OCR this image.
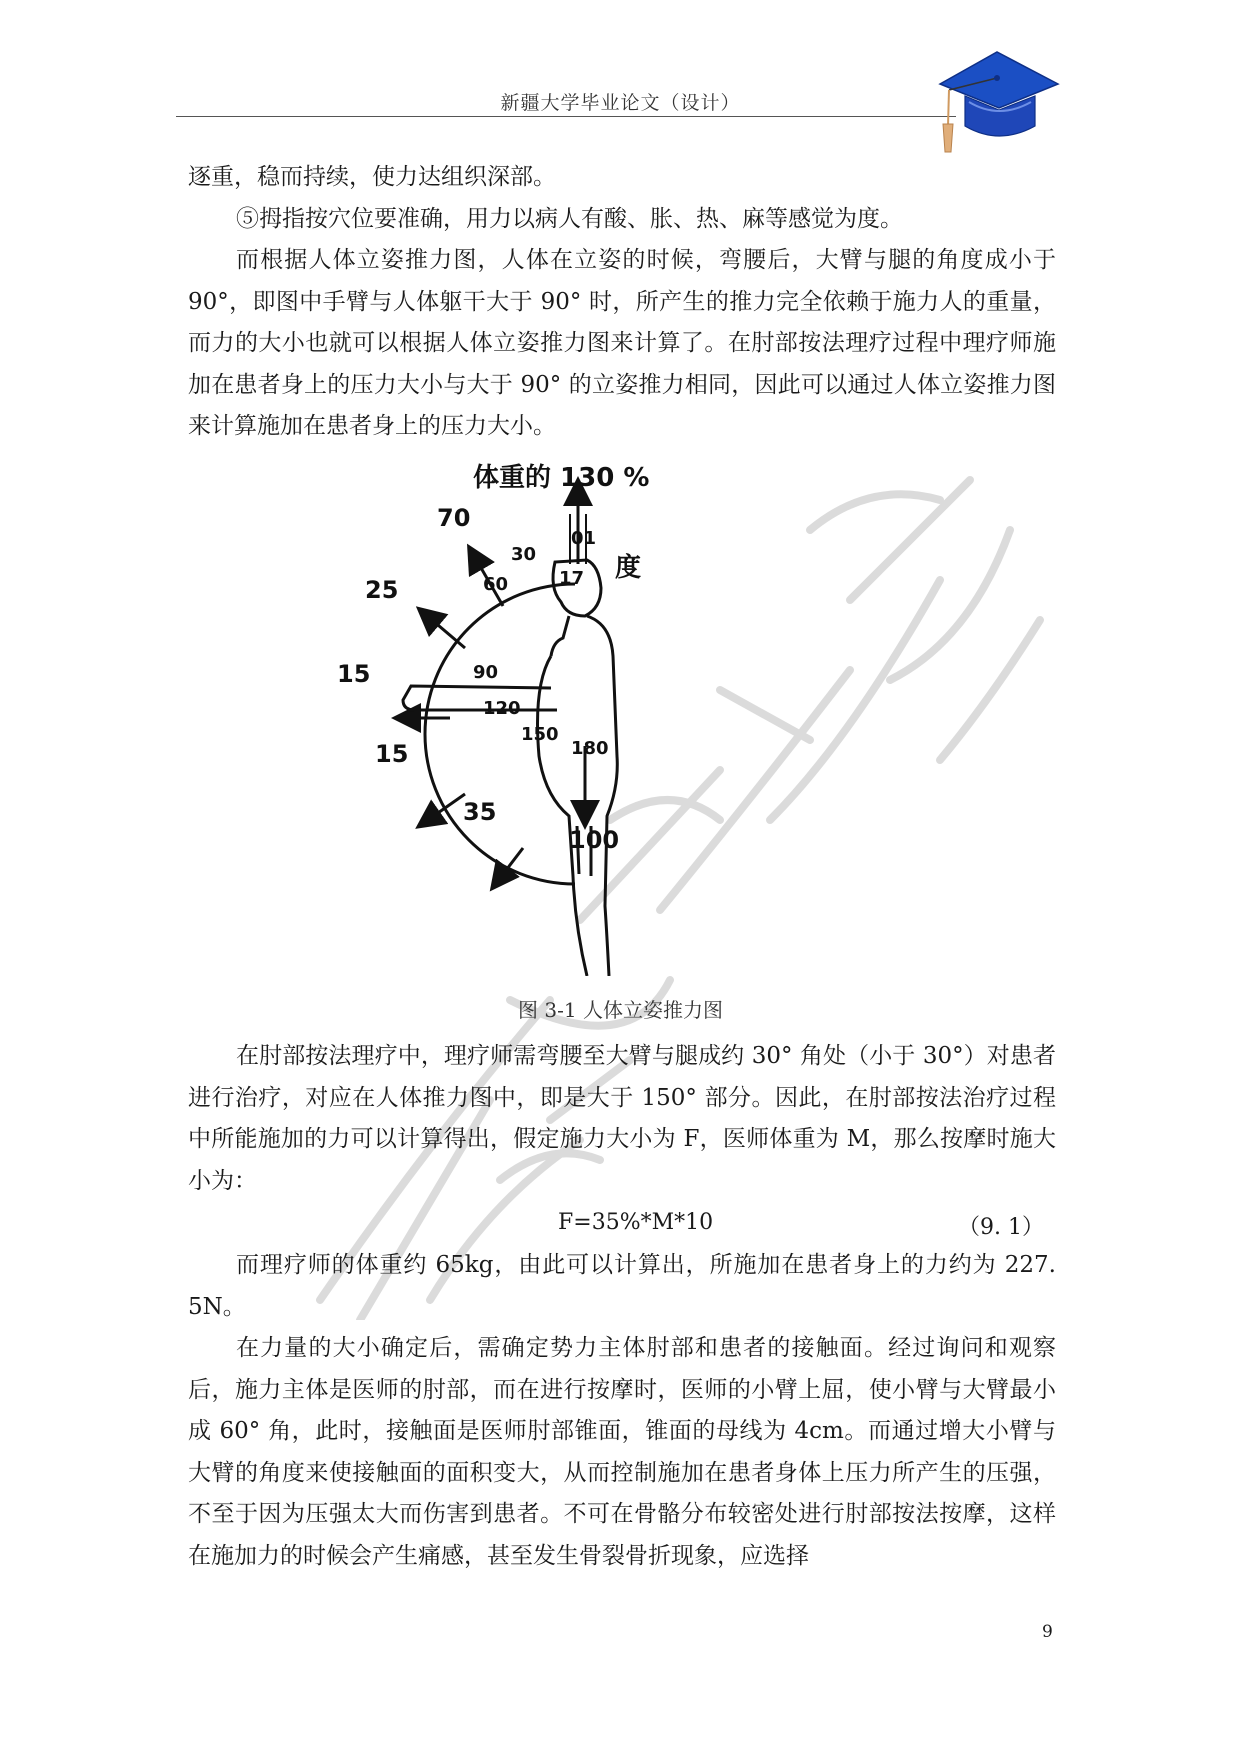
新疆大学毕业论文（设计）

逐重，稳而持续，使力达组织深部。

⑤拇指按穴位要准确，用力以病人有酸、胀、热、麻等感觉为度。

而根据人体立姿推力图，人体在立姿的时候，弯腰后，大臂与腿的角度成小于 90°，即图中手臂与人体躯干大于 90° 时，所产生的推力完全依赖于施力人的重量，而力的大小也就可以根据人体立姿推力图来计算了。在肘部按法理疗过程中理疗师施加在患者身上的压力大小与大于 90° 的立姿推力相同，因此可以通过人体立姿推力图来计算施加在患者身上的压力大小。

体重的 130 %
度
70
25
15
15
35
100
01
30
60
90
120
150
180
17
图 3-1 人体立姿推力图

在肘部按法理疗中，理疗师需弯腰至大臂与腿成约 30° 角处（小于 30°）对患者进行治疗，对应在人体推力图中，即是大于 150° 部分。因此，在肘部按法治疗过程中所能施加的力可以计算得出，假定施力大小为 F，医师体重为 M，那么按摩时施大小为：

F=35%*M*10	（9. 1）

而理疗师的体重约 65kg，由此可以计算出，所施加在患者身上的力约为 227. 5N。

在力量的大小确定后，需确定势力主体肘部和患者的接触面。经过询问和观察后，施力主体是医师的肘部，而在进行按摩时，医师的小臂上屈，使小臂与大臂最小成 60° 角，此时，接触面是医师肘部锥面，锥面的母线为 4cm。而通过增大小臂与大臂的角度来使接触面的面积变大，从而控制施加在患者身体上压力所产生的压强，不至于因为压强太大而伤害到患者。不可在骨骼分布较密处进行肘部按法按摩，这样在施加力的时候会产生痛感，甚至发生骨裂骨折现象，应选择

9
